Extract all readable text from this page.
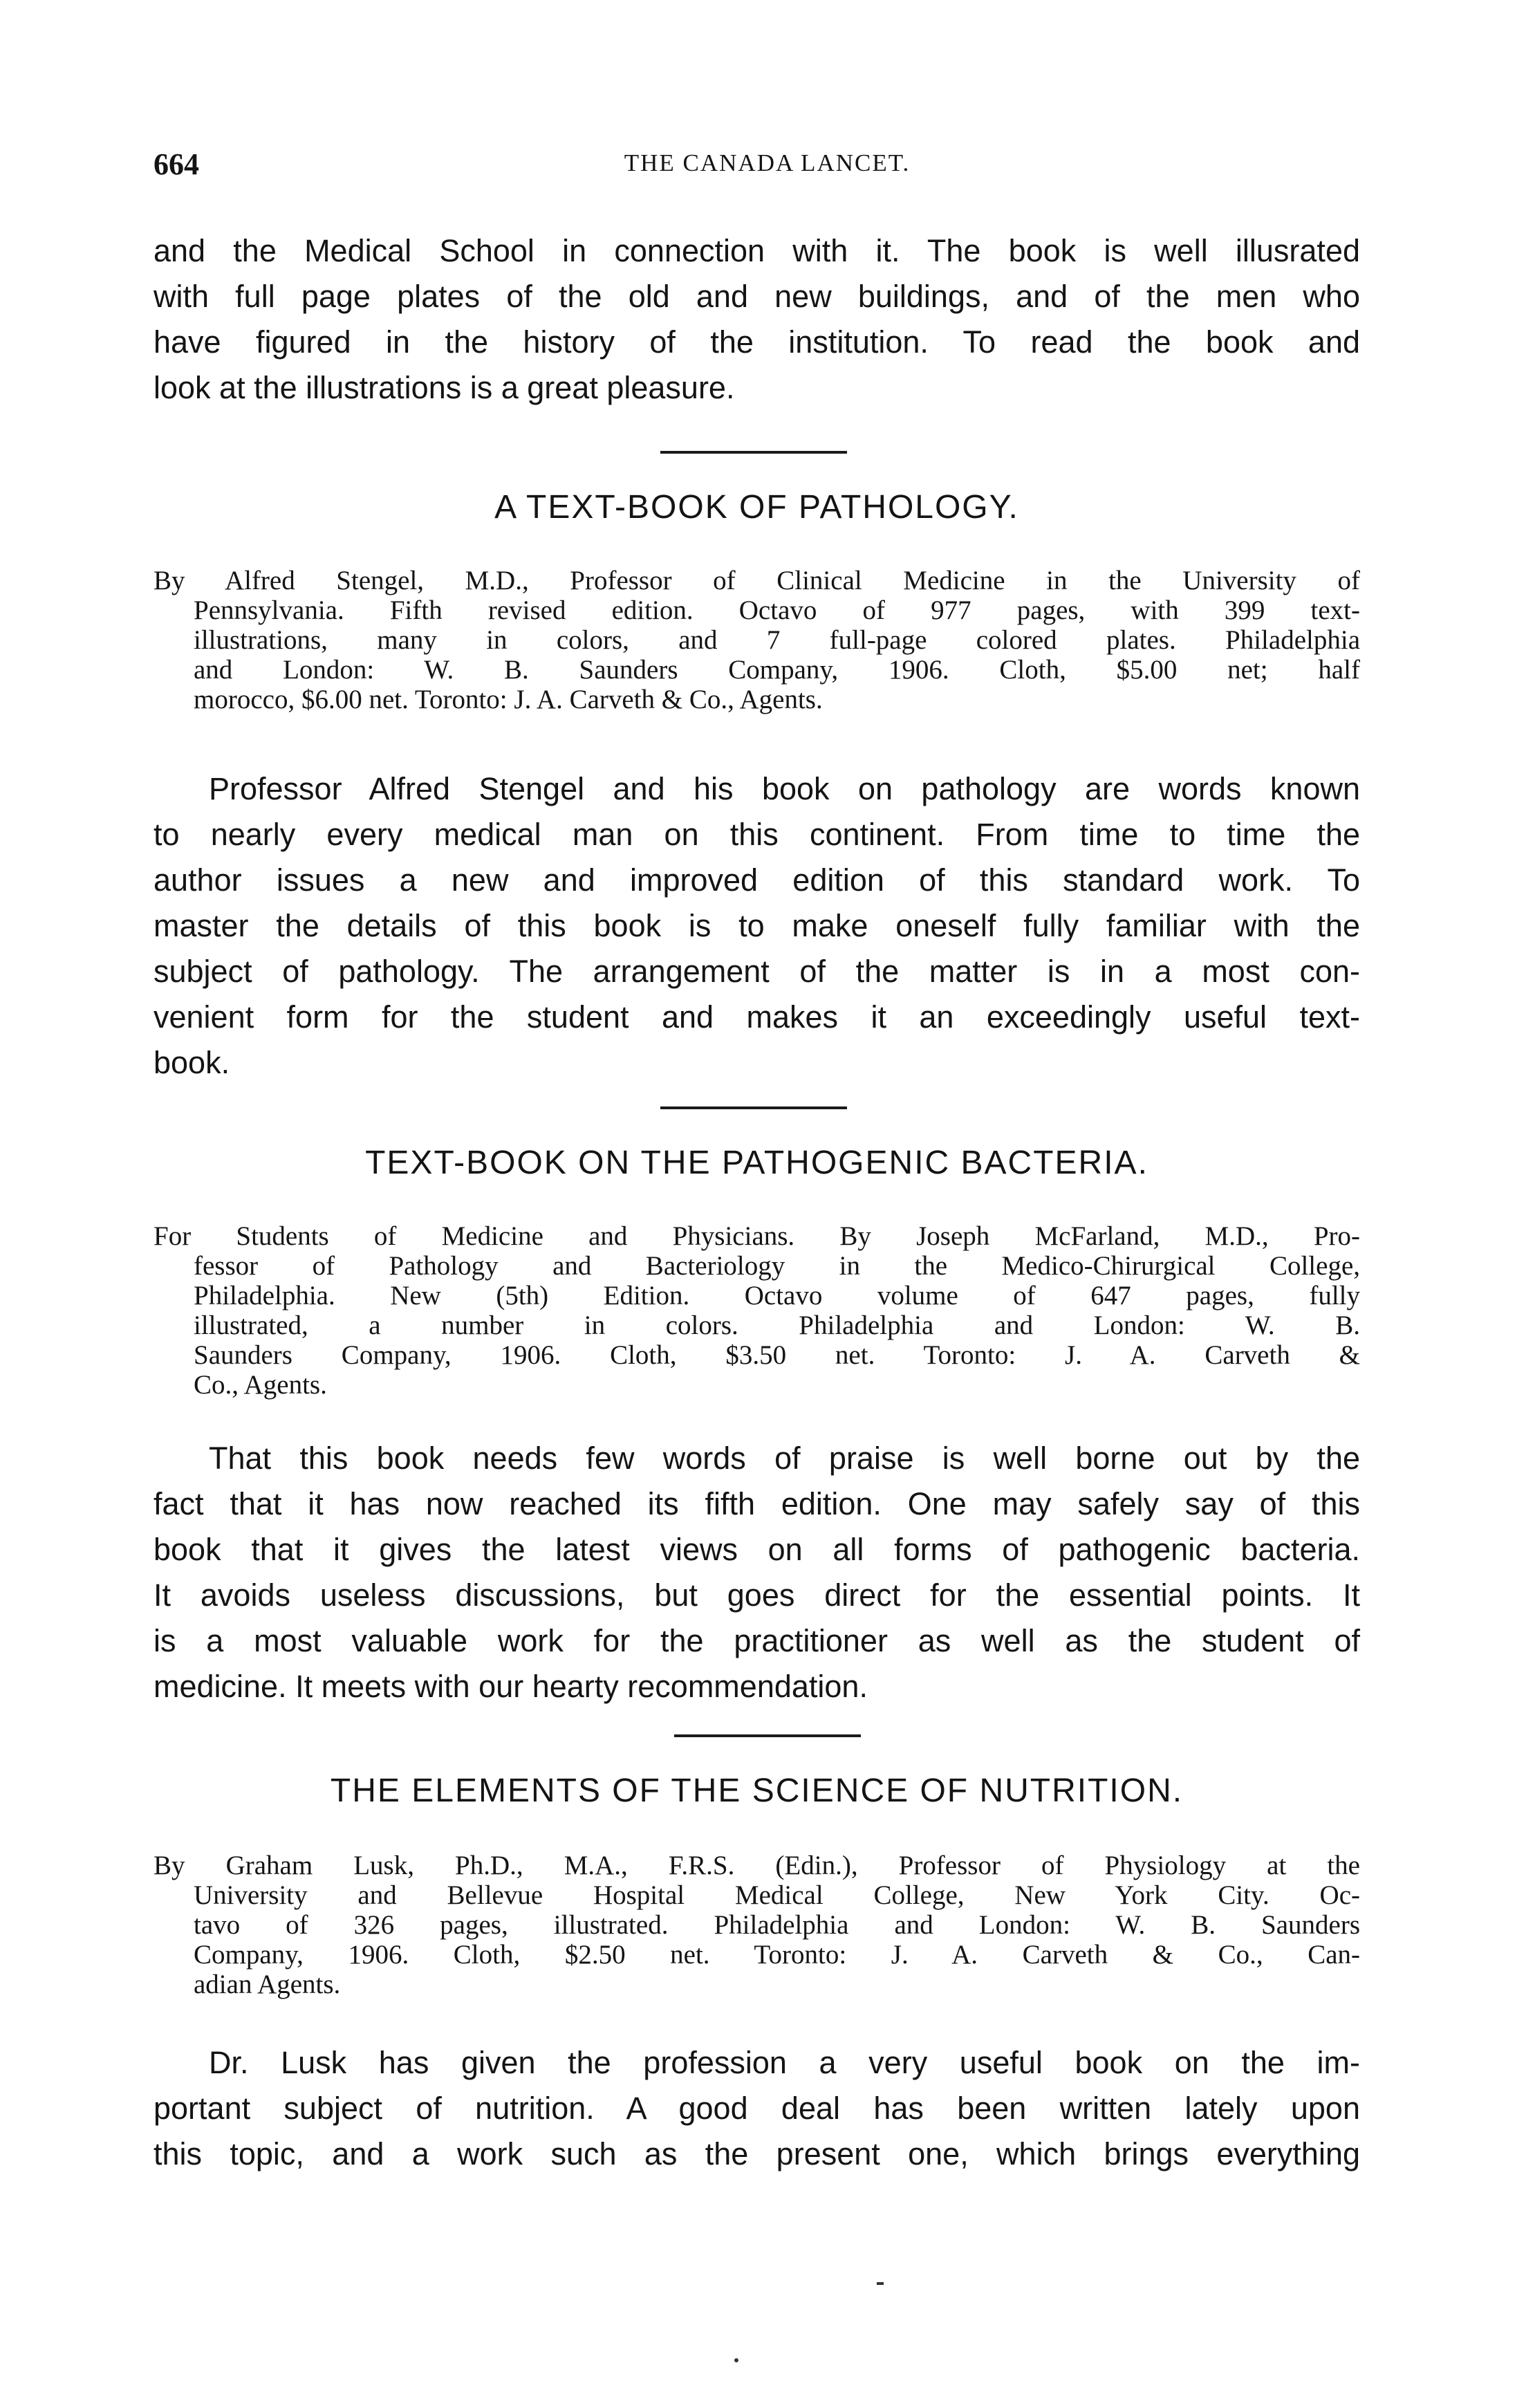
664	THE CANADA LANCET.
and the Medical School in connection with it. The book is well illusrated
with full page plates of the old and new buildings, and of the men who
have figured in the history of the institution. To read the book and
look at the illustrations is a great pleasure.
A TEXT-BOOK OF PATHOLOGY.
By Alfred Stengel, M.D., Professor of Clinical Medicine in the University of
Pennsylvania. Fifth revised edition. Octavo of 977 pages, with 399 text-
illustrations, many in colors, and 7 full-page colored plates. Philadelphia
and London: W. B. Saunders Company, 1906. Cloth, $5.00 net; half
morocco, $6.00 net. Toronto: J. A. Carveth & Co., Agents.
Professor Alfred Stengel and his book on pathology are words known
to nearly every medical man on this continent. From time to time the
author issues a new and improved edition of this standard work. To
master the details of this book is to make oneself fully familiar with the
subject of pathology. The arrangement of the matter is in a most con-
venient form for the student and makes it an exceedingly useful text-
book.
TEXT-BOOK ON THE PATHOGENIC BACTERIA.
For Students of Medicine and Physicians. By Joseph McFarland, M.D., Pro-
fessor of Pathology and Bacteriology in the Medico-Chirurgical College,
Philadelphia. New (5th) Edition. Octavo volume of 647 pages, fully
illustrated, a number in colors. Philadelphia and London: W. B.
Saunders Company, 1906. Cloth, $3.50 net. Toronto: J. A. Carveth &
Co., Agents.
That this book needs few words of praise is well borne out by the
fact that it has now reached its fifth edition. One may safely say of this
book that it gives the latest views on all forms of pathogenic bacteria.
It avoids useless discussions, but goes direct for the essential points. It
is a most valuable work for the practitioner as well as the student of
medicine. It meets with our hearty recommendation.
THE ELEMENTS OF THE SCIENCE OF NUTRITION.
By Graham Lusk, Ph.D., M.A., F.R.S. (Edin.), Professor of Physiology at the
University and Bellevue Hospital Medical College, New York City. Oc-
tavo of 326 pages, illustrated. Philadelphia and London: W. B. Saunders
Company, 1906. Cloth, $2.50 net. Toronto: J. A. Carveth & Co., Can-
adian Agents.
Dr. Lusk has given the profession a very useful book on the im-
portant subject of nutrition. A good deal has been written lately upon
this topic, and a work such as the present one, which brings everything
